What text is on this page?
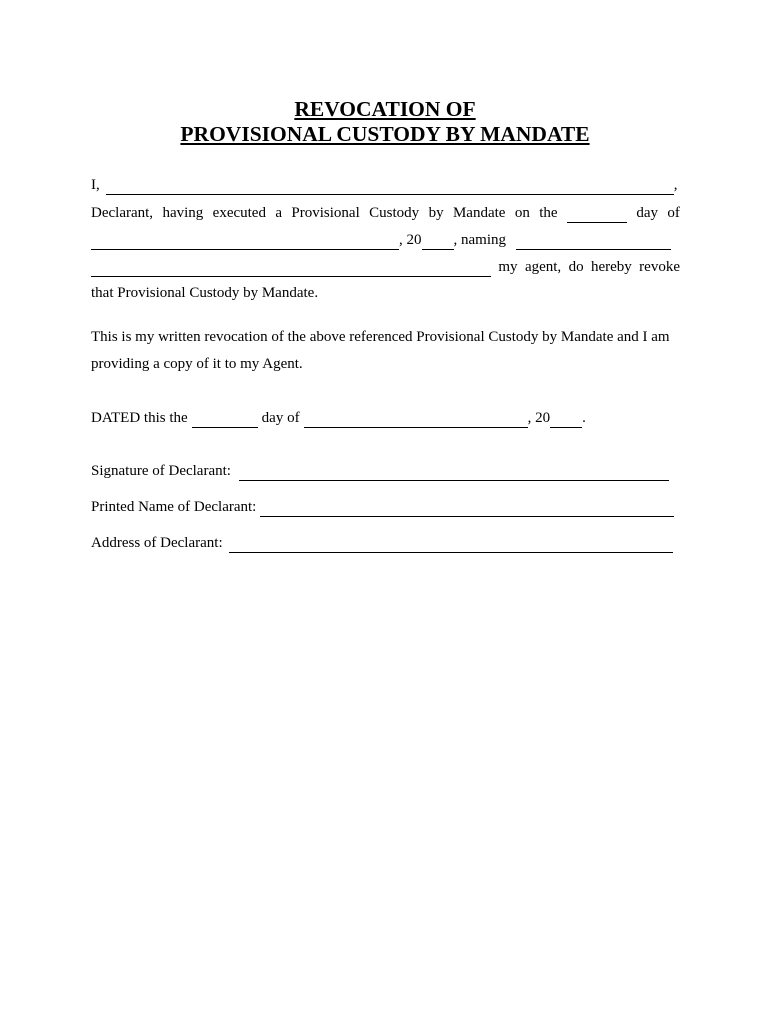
REVOCATION OF
PROVISIONAL CUSTODY BY MANDATE
I,	,
Declarant, having executed a Provisional Custody by Mandate on the	day of
, 20 , naming
my agent, do hereby revoke
that Provisional Custody by Mandate.
This is my written revocation of the above referenced Provisional Custody by Mandate and I am
providing a copy of it to my Agent.
DATED this the	day of	, 20 .
Signature of Declarant:
Printed Name of Declarant:
Address of Declarant:
